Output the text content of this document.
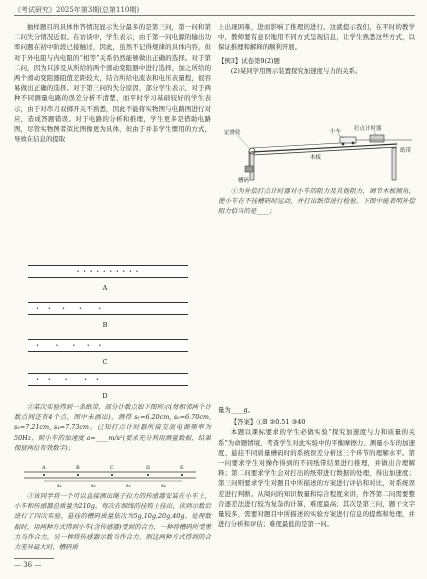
《考试研究》2025年第3期(总第110期)

抽样题目的具体作答情况显示失分最多的是第三问，第一问和第二问失分情况近似。在访谈中，学生表示，由于第一问电源的输出功率问题在初中阶段已接触过，因此，虽然不记得规律的具体内容，但对于外电阻与内电阻的“相等”关系仍然能够做出正确的选择。对于第二问，因为只涉及从所给的两个滑动变阻器中进行选择，加之所给的两个滑动变阻器阻值差距较大，结合所给电流表和电压表量程，很容易做出正确的选择。对于第三问的失分原因，部分学生表示，对于两种不同测量电路的误差分析不清楚，而平时学习基础较好的学生表示，由于对串刀双掷开关不熟悉，因此不能将实物图与电路图进行对应，造成答题错误。对于电路的分析和推理，学生更多是借助电路图，尽管实物图者似比图像更为具体，但由于并非学生惯用的方式，导致在信息的提取

• • • • • • • • • •
A
•   •    •     •      •
B
•      •     •    •   •
C
•   •     •      •   •
D

②某次实验得到一条纸带，部分计数点如下图所示(每相邻两个计数点间还有4个点，图中未画出)，测得 s₁=6.20cm, s₂=6.70cm, s₃=7.21cm, s₄=7.73cm。已知打点计时器所接交流电源频率为50Hz，则小车的加速度 a=____m/s²(要求充分利用测量数据，结果保留两位有效数字)；

A	B	C	D	E
s₁	s₂	s₃	s₄

③该同学将一个可以直接测出绳子拉力的传感器安装在小车上，小车和传感器总质量为210g。每次在细线的挂钩上挂出，读到示数后进行了四次实验，悬挂的槽码质量依次为5g,10g,20g,40g。处理数据时，用两种方式得到小车(含传感器)受到的合力，一种将槽码所受重力当作合力，另一种将传感器示数当作合力，则这两种方式得到的合力差异最大时，槽码质

上出现困难，进而影响了推理的进行。这就提示我们，在平时的教学中，教师要有意识地用不同方式呈现信息，让学生熟悉这些方式，以保证推理和解释的顺利开展。

【例3】试卷第9(2)题

(2)某同学用图示装置探究加速度与力的关系。

定滑轮	小车 打点计时器
纸带
木板
槽码

①为补偿打点计时器对小车的阻力及其他阻力，调节木板倾角，使小车在不挂槽码时运动，并打出纸带进行检验，下图中能表明补偿阻力恰当的是____；

量为____g。

【答案】①B ②0.51 ③40

本题以课标要求的学生必做实验“探究加速度与力和质量的关系”为命题情境，考查学生对此实验中的平衡摩擦力、测量小车的加速度、悬挂不同质量槽码时的系统误差分析这三个环节的理解水平。第一问要求学生对操作得到的不同纸带结果进行推理，并做出合理解释；第二问要求学生会对打出的纸带进行数据的处理，得出加速度；第三问则要求学生对题目中所描述的方案进行评估和对比，对系统误差进行判断。从阅问的知识数量和综合程度来讲，作答第二问需要整合逐差法进行较为复杂的计算，难度最高；其次是第三问，题干文字量较多，需要对题目中所描述的实验方案进行信息的提炼和处理，并进行分析和评估；难度最低的是第一问。

— 36 —
